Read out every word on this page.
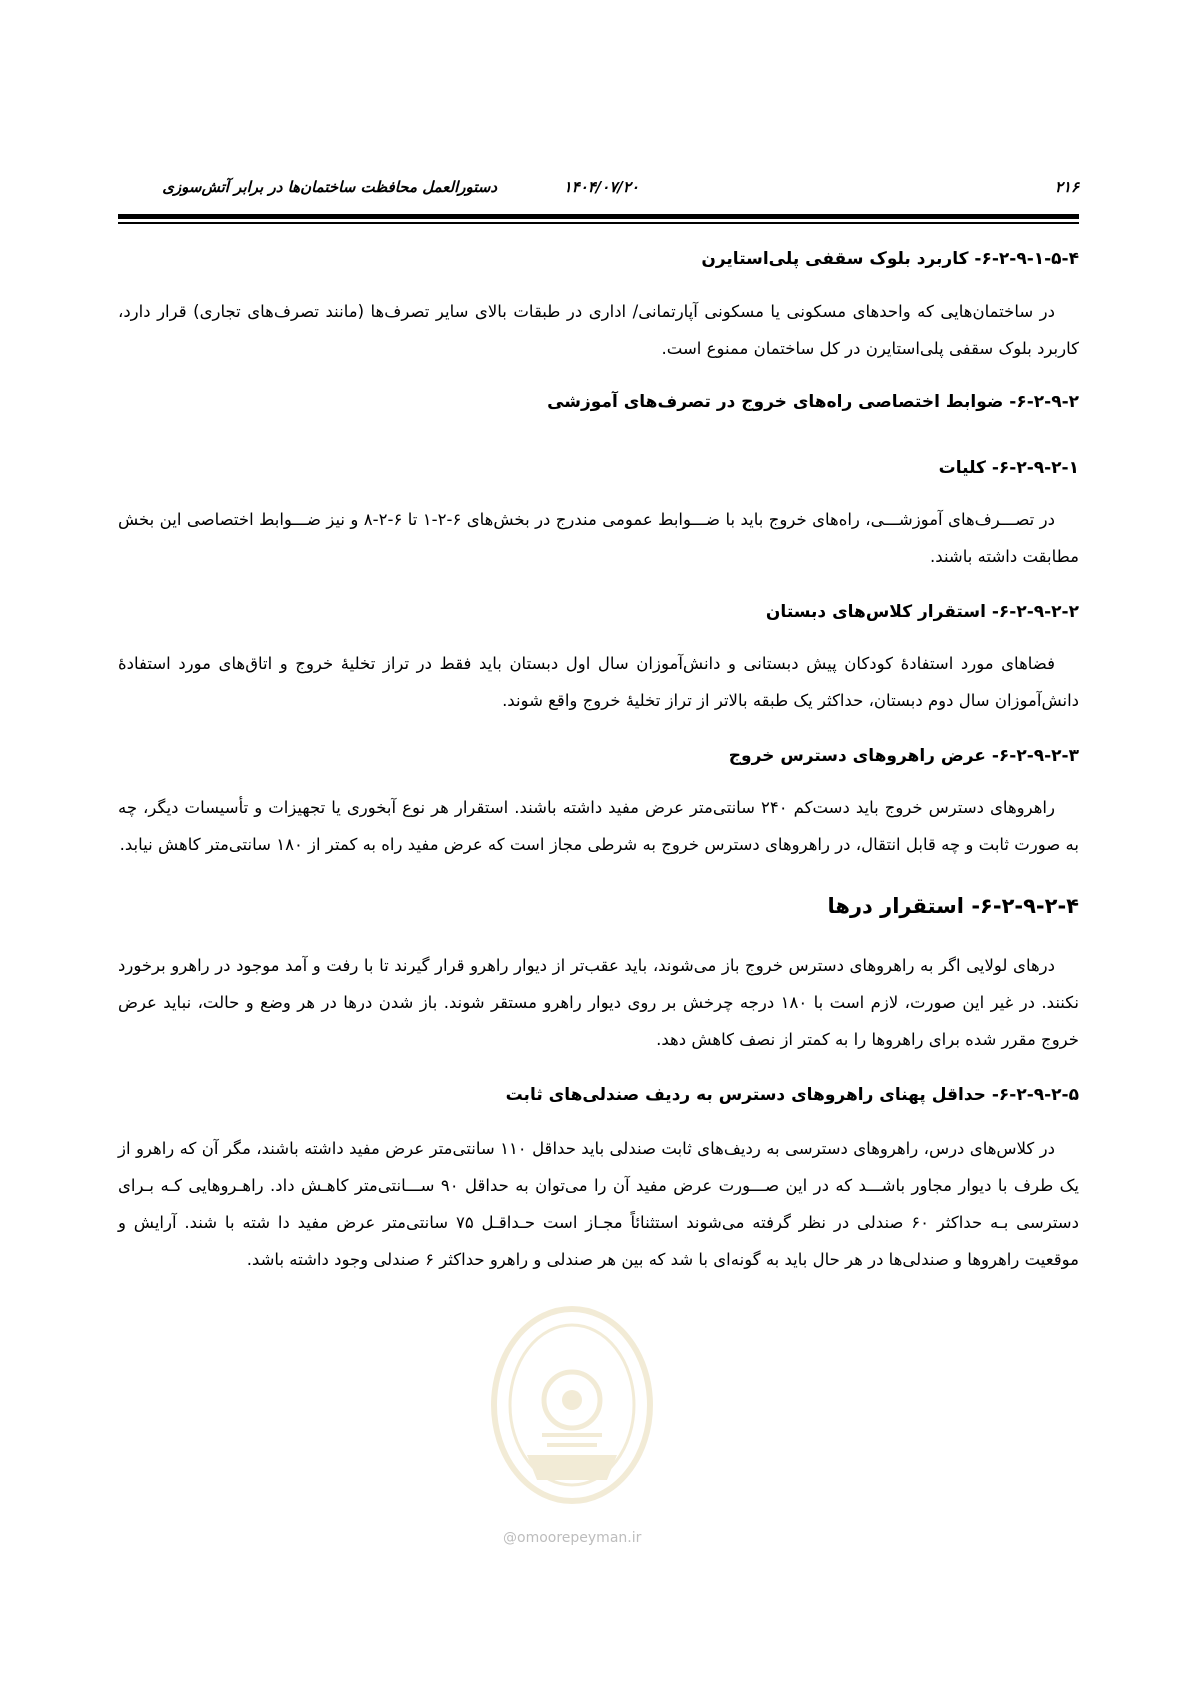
۲۱۶
۱۴۰۴/۰۷/۲۰
دستورالعمل محافظت ساختمان‌ها در برابر آتش‌سوزی
۶-۲-۹-۱-۵-۴- کاربرد بلوک سقفی پلی‌استایرن

در ساختمان‌هایی که واحدهای مسکونی یا مسکونی آپارتمانی/ اداری در طبقات بالای سایر تصرف‌ها (مانند تصرف‌های تجاری) قرار دارد، کاربرد بلوک سقفی پلی‌استایرن در کل ساختمان ممنوع است.

۶-۲-۹-۲- ضوابط اختصاصی راه‌های خروج در تصرف‌های آموزشی
۶-۲-۹-۲-۱- کلیات

در تصـــرف‌های آموزشـــی، راه‌های خروج باید با ضـــوابط عمومی مندرج در بخش‌های ۶-۲-۱ تا ۶-۲-۸ و نیز ضـــوابط اختصاصی این بخش مطابقت داشته باشند.

۶-۲-۹-۲-۲- استقرار کلاس‌های دبستان

فضاهای مورد استفادهٔ کودکان پیش دبستانی و دانش‌آموزان سال اول دبستان باید فقط در تراز تخلیهٔ خروج و اتاق‌های مورد استفادهٔ دانش‌آموزان سال دوم دبستان، حداکثر یک طبقه بالاتر از تراز تخلیهٔ خروج واقع شوند.

۶-۲-۹-۲-۳- عرض راهروهای دسترس خروج

راهروهای دسترس خروج باید دست‌کم ۲۴۰ سانتی‌متر عرض مفید داشته باشند. استقرار هر نوع آبخوری یا تجهیزات و تأسیسات دیگر، چه به صورت ثابت و چه قابل انتقال، در راهروهای دسترس خروج به شرطی مجاز است که عرض مفید راه به کمتر از ۱۸۰ سانتی‌متر کاهش نیابد.

۶-۲-۹-۲-۴- استقرار درها

درهای لولایی اگر به راهروهای دسترس خروج باز می‌شوند، باید عقب‌تر از دیوار راهرو قرار گیرند تا با رفت و آمد موجود در راهرو برخورد نکنند. در غیر این صورت، لازم است با ۱۸۰ درجه چرخش بر روی دیوار راهرو مستقر شوند. باز شدن درها در هر وضع و حالت، نباید عرض خروج مقرر شده برای راهروها را به کمتر از نصف کاهش دهد.

۶-۲-۹-۲-۵- حداقل پهنای راهروهای دسترس به ردیف صندلی‌های ثابت

در کلاس‌های درس، راهروهای دسترسی به ردیف‌های ثابت صندلی باید حداقل ۱۱۰ سانتی‌متر عرض مفید داشته باشند، مگر آن که راهرو از یک طرف با دیوار مجاور باشـــد که در این صـــورت عرض مفید آن را می‌توان به حداقل ۹۰ ســـانتی‌متر کاهـش داد. راهـروهایی کـه بـرای دسترسی بـه حداکثر ۶۰ صندلی در نظر گرفته می‌شوند استثنائاً مجـاز است حـداقـل ۷۵ سانتی‌متر عرض مفید دا شته با شند. آرایش و موقعیت راهروها و صندلی‌ها در هر حال باید به گونه‌ای با شد که بین هر صندلی و راهرو حداکثر ۶ صندلی وجود داشته باشد.

@omoorepeyman.ir
